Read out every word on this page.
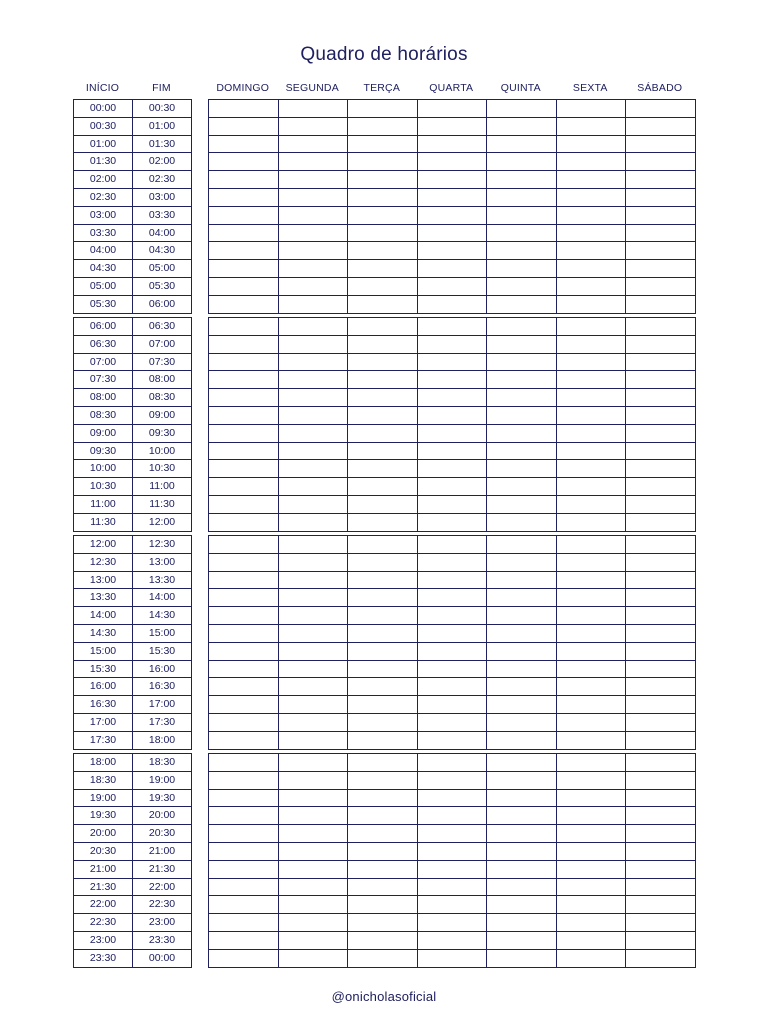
Quadro de horários
INÍCIO	FIM	DOMINGO	SEGUNDA	TERÇA	QUARTA	QUINTA	SEXTA	SÁBADO
00:00	00:30
00:30	01:00
01:00	01:30
01:30	02:00
02:00	02:30
02:30	03:00
03:00	03:30
03:30	04:00
04:00	04:30
04:30	05:00
05:00	05:30
05:30	06:00
06:00	06:30
06:30	07:00
07:00	07:30
07:30	08:00
08:00	08:30
08:30	09:00
09:00	09:30
09:30	10:00
10:00	10:30
10:30	11:00
11:00	11:30
11:30	12:00
12:00	12:30
12:30	13:00
13:00	13:30
13:30	14:00
14:00	14:30
14:30	15:00
15:00	15:30
15:30	16:00
16:00	16:30
16:30	17:00
17:00	17:30
17:30	18:00
18:00	18:30
18:30	19:00
19:00	19:30
19:30	20:00
20:00	20:30
20:30	21:00
21:00	21:30
21:30	22:00
22:00	22:30
22:30	23:00
23:00	23:30
23:30	00:00
@onicholasoficial
